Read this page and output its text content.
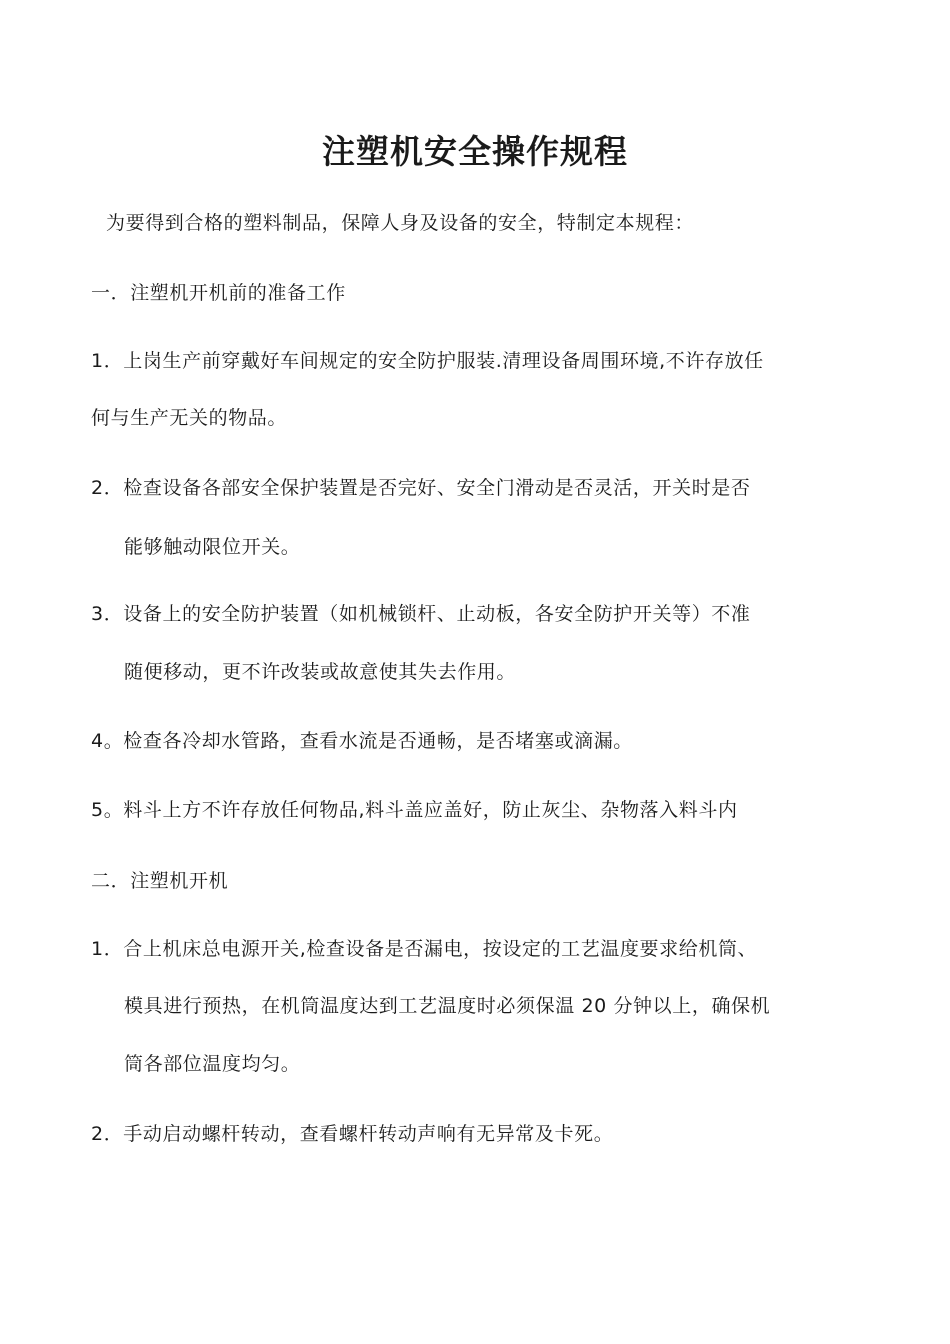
注塑机安全操作规程

为要得到合格的塑料制品，保障人身及设备的安全，特制定本规程：

一．注塑机开机前的准备工作

1．上岗生产前穿戴好车间规定的安全防护服装.清理设备周围环境,不许存放任

何与生产无关的物品。

2．检查设备各部安全保护装置是否完好、安全门滑动是否灵活，开关时是否

能够触动限位开关。

3．设备上的安全防护装置（如机械锁杆、止动板，各安全防护开关等）不准

随便移动，更不许改装或故意使其失去作用。

4。检查各冷却水管路，查看水流是否通畅，是否堵塞或滴漏。

5。料斗上方不许存放任何物品,料斗盖应盖好，防止灰尘、杂物落入料斗内

二．注塑机开机

1．合上机床总电源开关,检查设备是否漏电，按设定的工艺温度要求给机筒、

模具进行预热，在机筒温度达到工艺温度时必须保温 20 分钟以上，确保机

筒各部位温度均匀。

2．手动启动螺杆转动，查看螺杆转动声响有无异常及卡死。
